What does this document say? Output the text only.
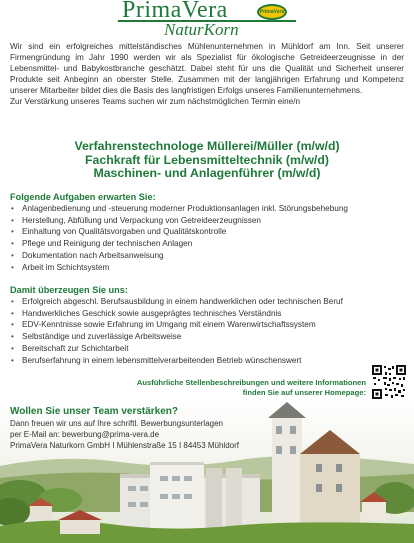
PrimaVera	PrimaVera
NaturKorn

Wir sind ein erfolgreiches mittelständisches Mühlenunternehmen in Mühldorf am Inn. Seit unserer Firmengründung im Jahr 1990 werden wir als Spezialist für ökologische Getreideerzeugnisse in der Lebensmittel- und Babykostbranche geschätzt. Dabei steht für uns die Qualität und Sicherheit unserer Produkte seit Anbeginn an oberster Stelle. Zusammen mit der langjährigen Erfahrung und Kompetenz unserer Mitarbeiter bildet dies die Basis des langfristigen Erfolgs unseres Familienunternehmens.

Zur Verstärkung unseres Teams suchen wir zum nächstmöglichen Termin eine/n

Verfahrenstechnologe Müllerei/Müller (m/w/d)
Fachkraft für Lebensmitteltechnik (m/w/d)
Maschinen- und Anlagenführer (m/w/d)
Folgende Aufgaben erwarten Sie:
• Anlagenbedienung und -steuerung moderner Produktionsanlagen inkl. Störungsbehebung
• Herstellung, Abfüllung und Verpackung von Getreideerzeugnissen
• Einhaltung von Qualitätsvorgaben und Qualitätskontrolle
• Pflege und Reinigung der technischen Anlagen
• Dokumentation nach Arbeitsanweisung
• Arbeit im Schichtsystem
Damit überzeugen Sie uns:
• Erfolgreich abgeschl. Berufsausbildung in einem handwerklichen oder technischen Beruf
• Handwerkliches Geschick sowie ausgeprägtes technisches Verständnis
• EDV-Kenntnisse sowie Erfahrung im Umgang mit einem Warenwirtschaftssystem
• Selbständige und zuverlässige Arbeitsweise
• Bereitschaft zur Schichtarbeit
• Berufserfahrung in einem lebensmittelverarbeitenden Betrieb wünschenswert
Ausführliche Stellenbeschreibungen und weitere Informationen
finden Sie auf unserer Homepage:
Wollen Sie unser Team verstärken?
Dann freuen wir uns auf Ihre schriftl. Bewerbungsunterlagen
per E-Mail an: bewerbung@prima-vera.de
PrimaVera Naturkorn GmbH I Mühlenstraße 15 I 84453 Mühldorf
